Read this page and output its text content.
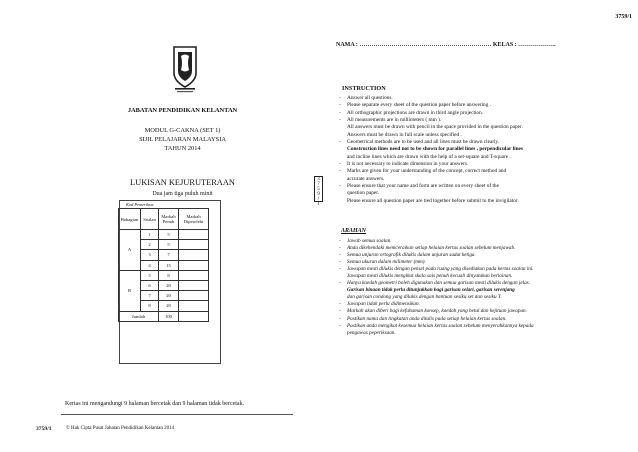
3759/1
NAMA : ………………………………………………………… KELAS : ……………….
JABATAN PENDIDIKAN KELANTAN
MODUL G-CAKNA (SET 1)
SIJIL PELAJARAN MALAYSIA
TAHUN 2014
LUKISAN KEJURUTERAAN
Dua jam tiga puluh minit
3
7
5
9
/
1
Kod Pemeriksa:
Bahagian	Soalan	Markah Penuh	Markah Diperolehi
A	1	5	
	2	5	
	3	7	
	4	15	
B	5	8	
	6	20	
	7	20	
	8	20	
Jumlah		100	
Kertas ini mengandungi 9 halaman bercetak dan 9 halaman tidak bercetak.
3759/1	© Hak Cipta Pusat Jabatan Pendidikan Kelantan 2014
INSTRUCTION
-	Answer all questions.
-	Please separate every sheet of the question paper before answering .
-	All orthographic projections are drawn in third angle projection.
-	All measurements are in millimeters ( mm ).
All answers must be drawn with pencil in the space provided in the question paper.
Answers must be drawn in full scale unless specified .
-	Geometrical methods are to be used and all lines must be drawn clearly.
Construction lines need not to be shown for parallel lines , perpendicular lines
and incline lines which are drawn with the help of a set-square and T-square .
-	It is not necessary to indicate dimension in your answers.
-	Marks are given for your understanding of the concept, correct method and
accurate answers.
-	Please ensure that your name and form are written on every sheet of the
question paper.
Please ensure all question paper are tied together before submit to the invigilator.
ARAHAN
-	Jawab semua soalan.
-	Anda dikehendaki memceraikan setiap helaian kertas soalan sebelum menjawab.
-	Semua unjuran ortografik dilukis dalam unjuran sudut ketiga.
-	Semua ukuran dalam milimeter (mm).
-	Jawapan mesti dilukis dengan pensel pada ruang yang disediakan pada kertas soalan ini.
Jawapan mesti dilukis mengikut skala sais penuh kecuali dinyatakan berlainan.
-	Hanya kaedah geometri boleh digunakan dan semua garisan mesti dilukis dengan jelas.
Garisan binaan tidak perlu ditunjukkan bagi garisan selari, garisan serenjang
dan garisan condong yang dilukis dengan bantuan sesiku set dan sesiku T.
-	Jawapan tidak perlu didimensikan.
-	Markah akan diberi bagi kefahaman konsep, kaedah yang betul dan kejituan jawapan.
-	Pastikan nama dan tingkatan anda ditulis pada setiap helaian kertas soalan.
-	Pastikan anda mengikat kesemua helaian kertas soalan sebelum menyerahkannya kepada
pengawas peperiksaan.
